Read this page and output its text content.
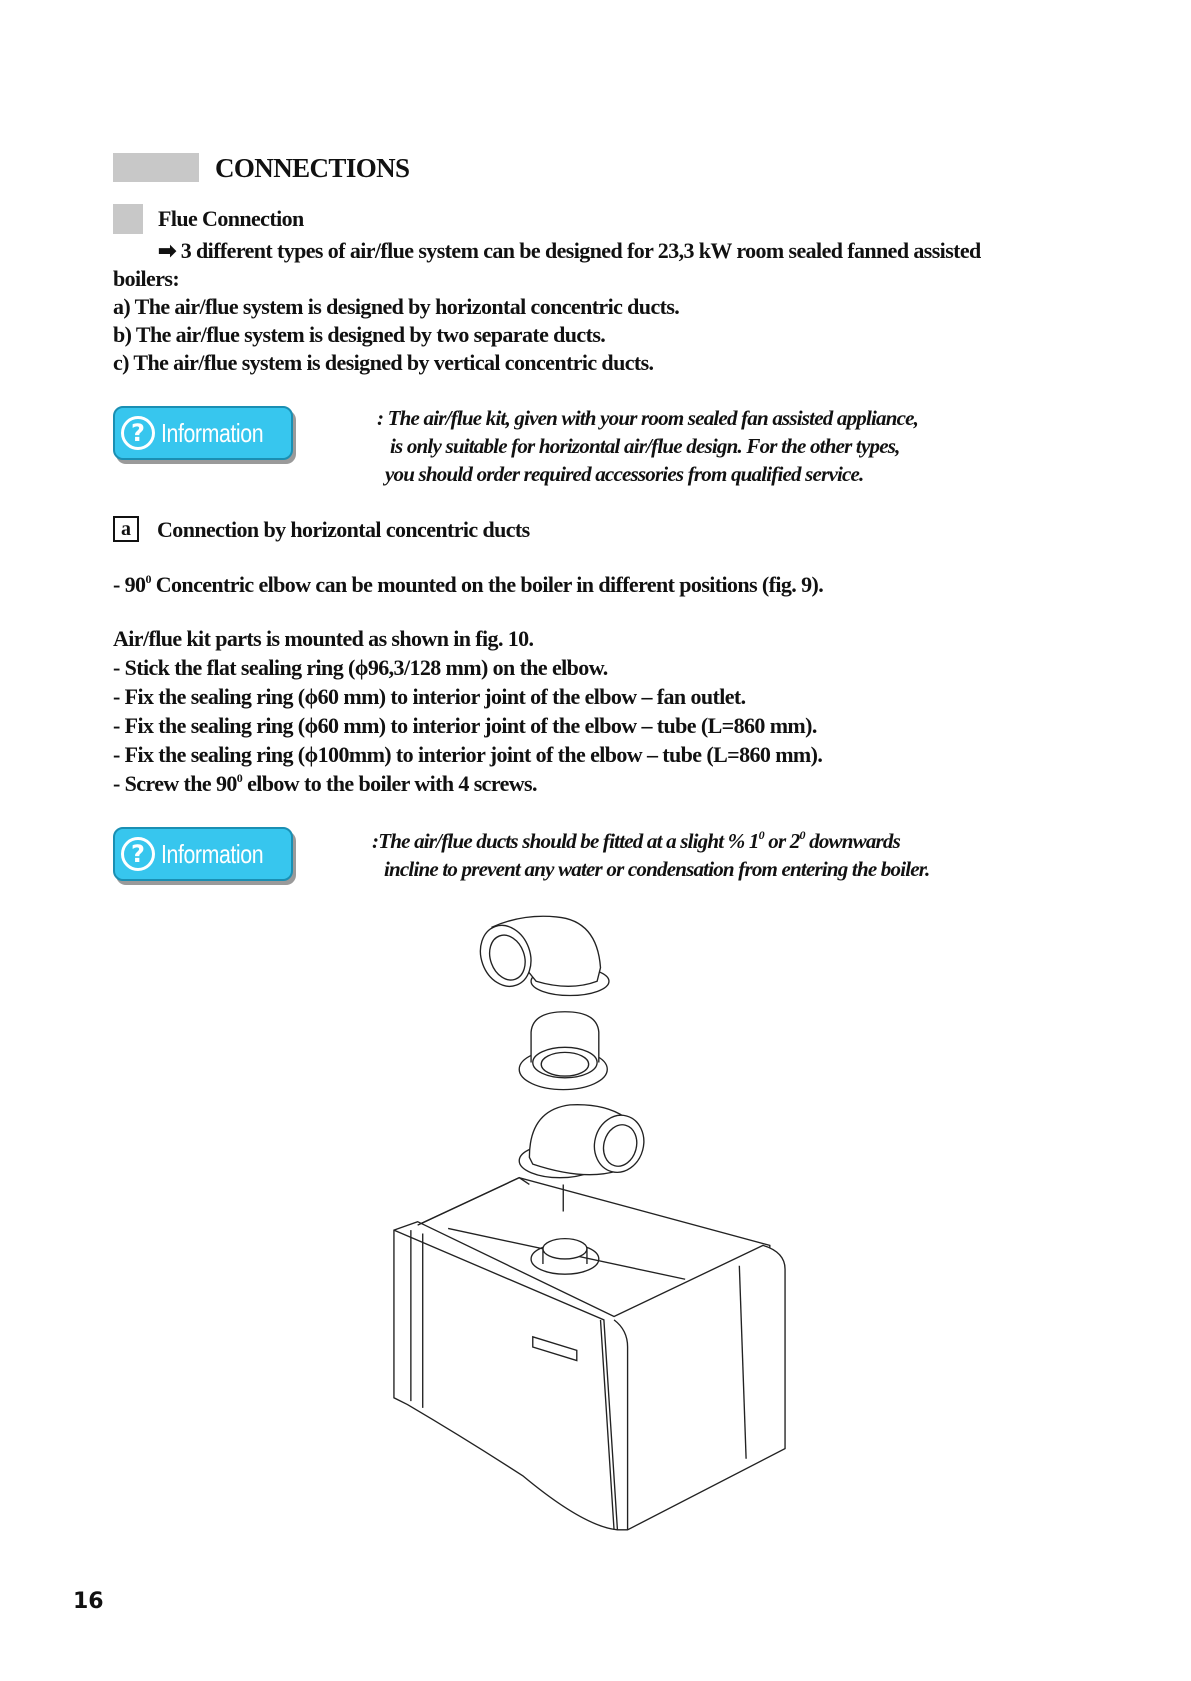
CONNECTIONS
Flue Connection
➡ 3 different types of air/flue system can be designed for 23,3 kW room sealed fanned assisted
boilers:
a) The air/flue system is designed by horizontal concentric ducts.
b) The air/flue system is designed by two separate ducts.
c) The air/flue system is designed by vertical concentric ducts.
? Information	: The air/flue kit, given with your room sealed fan assisted appliance,
is only suitable for horizontal air/flue design. For the other types,
you should order required accessories from qualified service.
a	Connection by horizontal concentric ducts
- $90^0$ Concentric elbow can be mounted on the boiler in different positions (fig. 9).
Air/flue kit parts is mounted as shown in fig. 10.
- Stick the flat sealing ring (ϕ96,3/128 mm) on the elbow.
- Fix the sealing ring (ϕ60 mm) to interior joint of the elbow – fan outlet.
- Fix the sealing ring (ϕ60 mm) to interior joint of the elbow – tube (L=860 mm).
- Fix the sealing ring (ϕ100mm) to interior joint of the elbow – tube (L=860 mm).
- Screw the $90^0$ elbow to the boiler with 4 screws.
? Information	:The air/flue ducts should be fitted at a slight % $1^0$ or $2^0$ downwards
incline to prevent any water or condensation from entering the boiler.
16
